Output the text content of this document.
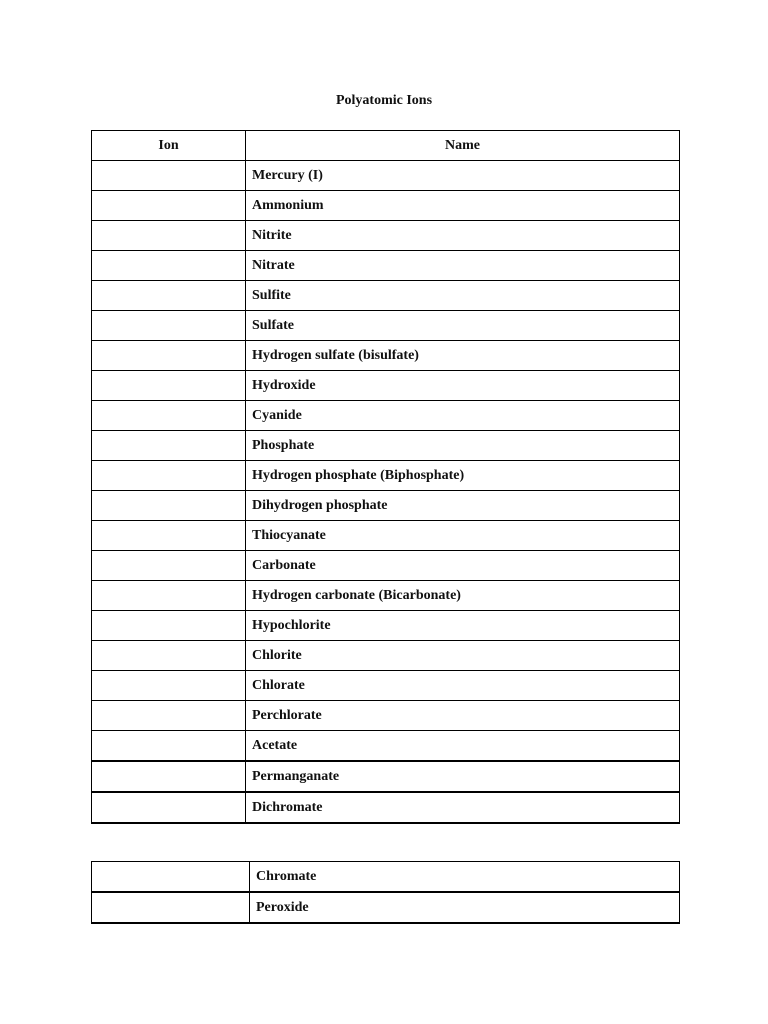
Polyatomic Ions
Ion	Name
	Mercury (I)
	Ammonium
	Nitrite
	Nitrate
	Sulfite
	Sulfate
	Hydrogen sulfate (bisulfate)
	Hydroxide
	Cyanide
	Phosphate
	Hydrogen phosphate (Biphosphate)
	Dihydrogen phosphate
	Thiocyanate
	Carbonate
	Hydrogen carbonate (Bicarbonate)
	Hypochlorite
	Chlorite
	Chlorate
	Perchlorate
	Acetate
	Permanganate
	Dichromate
	Chromate
	Peroxide
